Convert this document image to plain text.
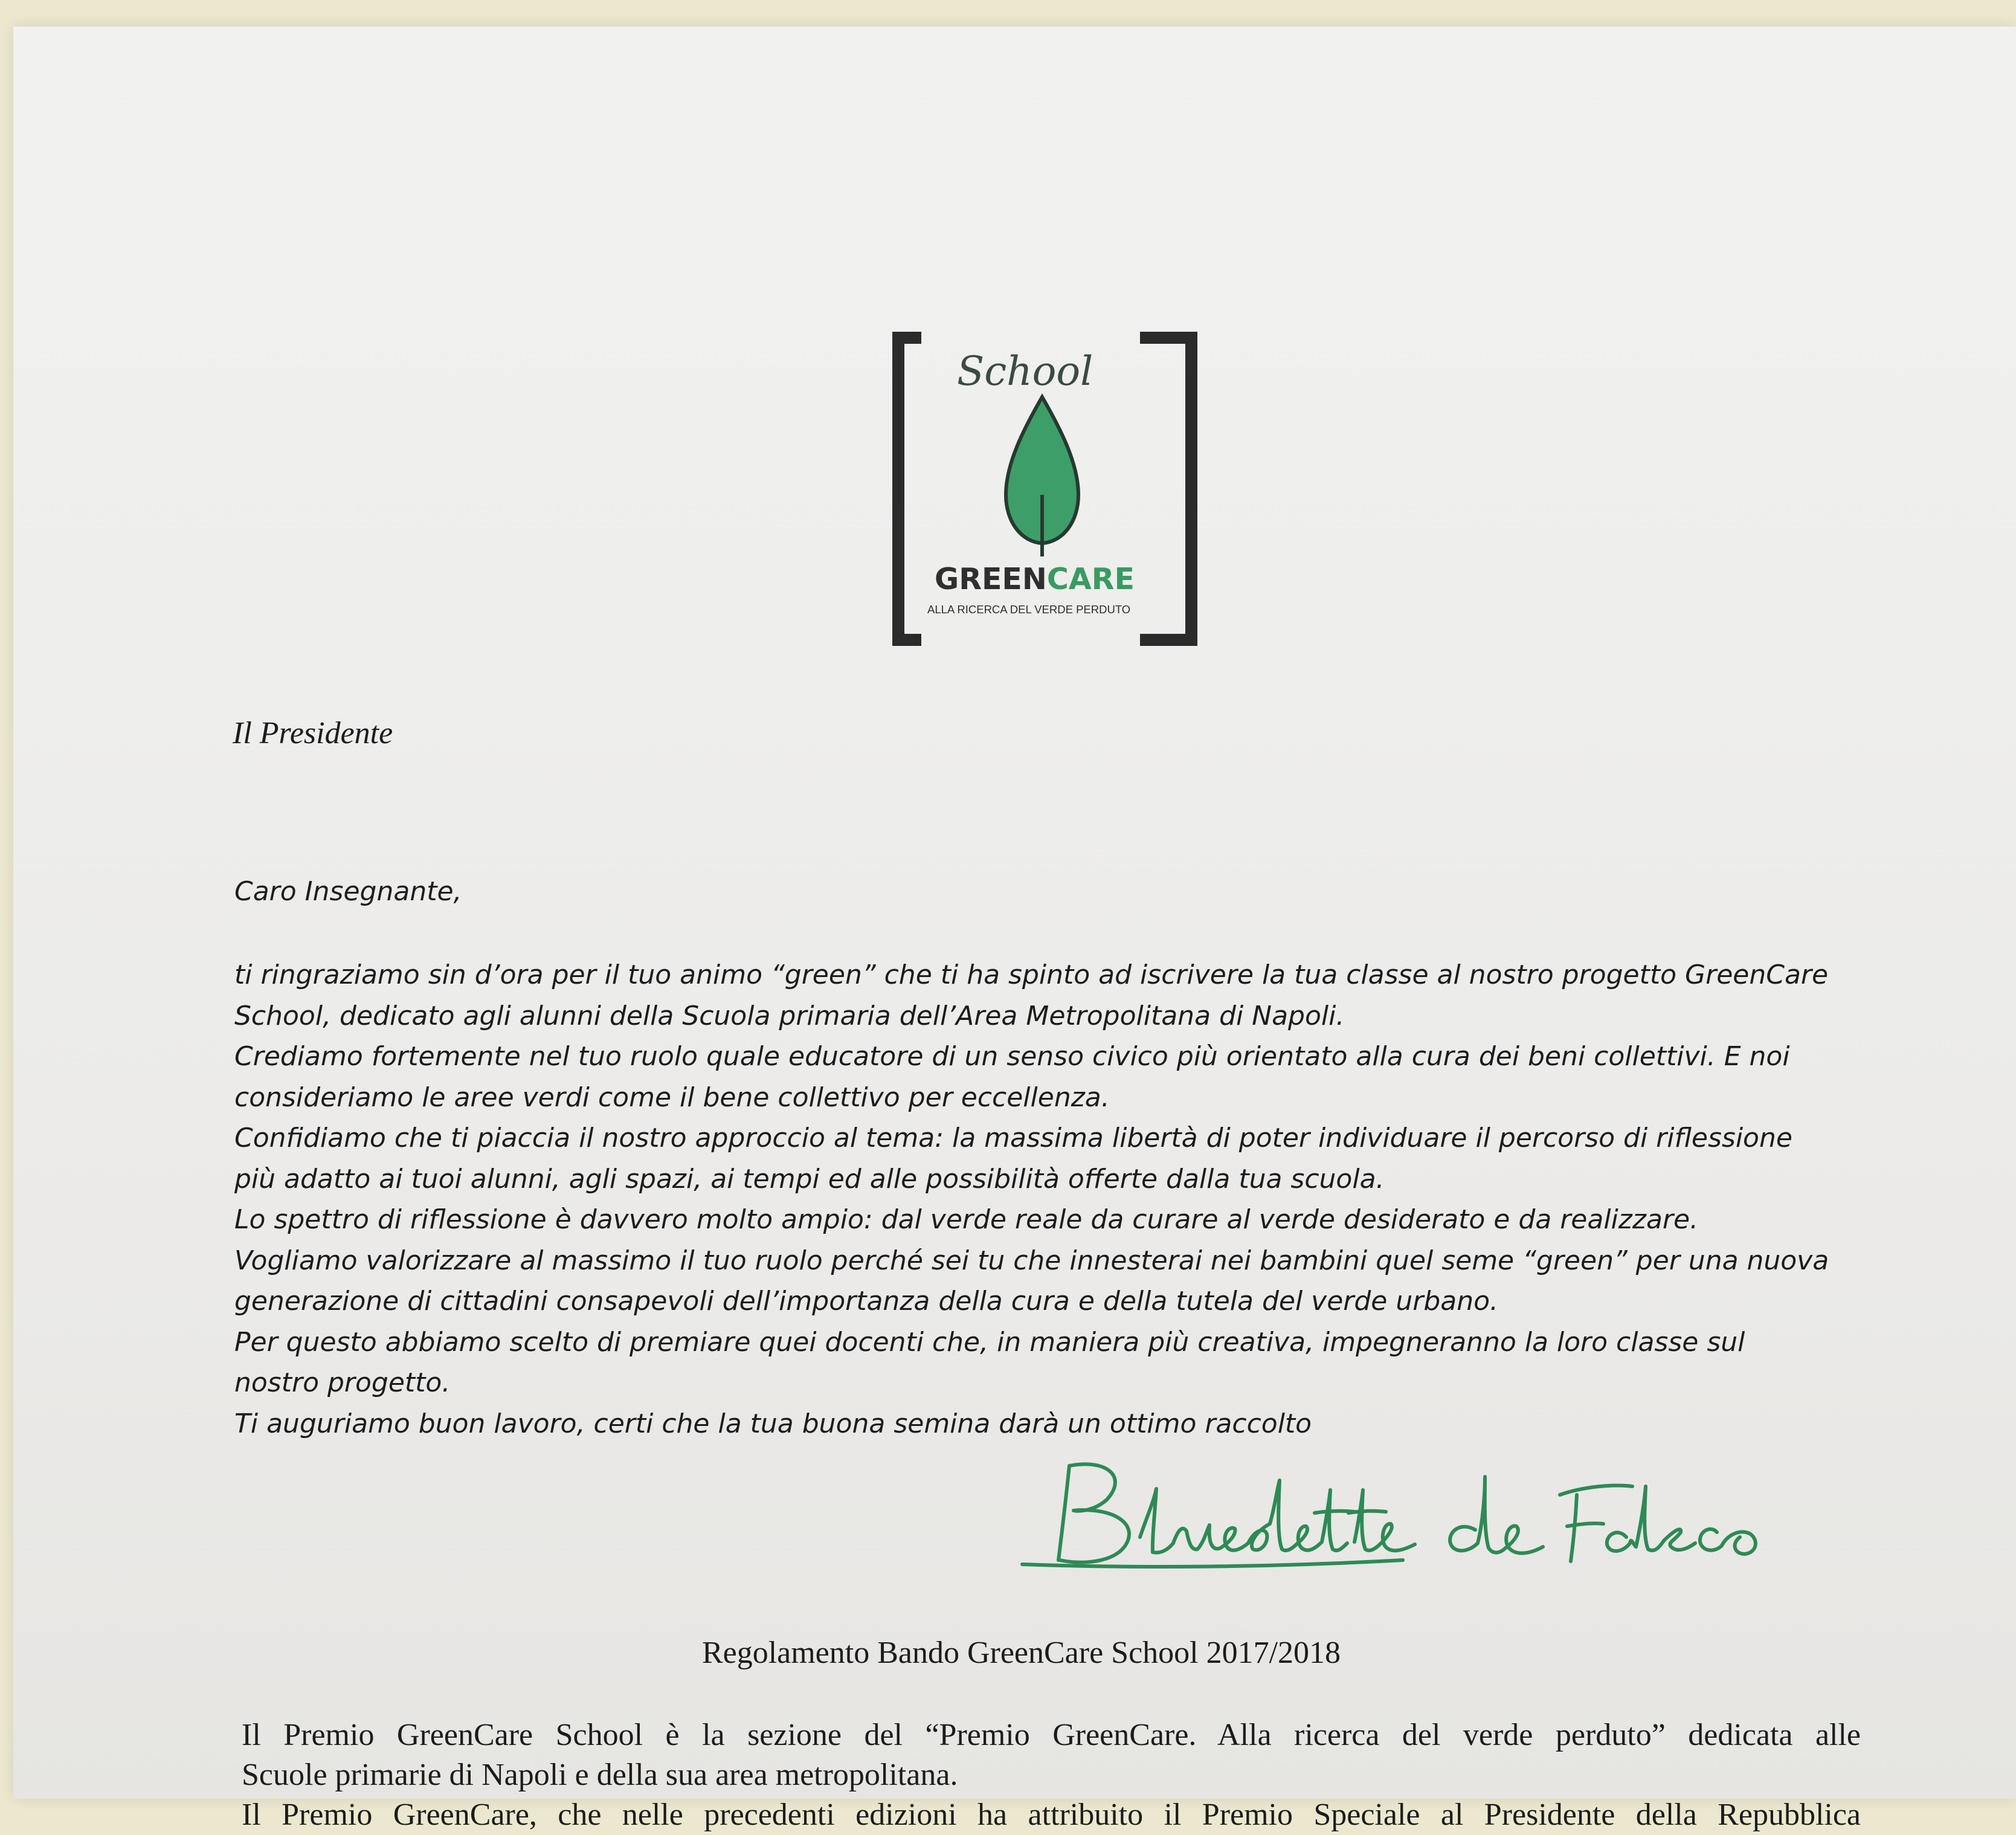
School
GREENCARE
ALLA RICERCA DEL VERDE PERDUTO
Il Presidente
Caro Insegnante,
ti ringraziamo sin d’ora per il tuo animo “green” che ti ha spinto ad iscrivere la tua classe al nostro progetto GreenCare
School, dedicato agli alunni della Scuola primaria dell’Area Metropolitana di Napoli.
Crediamo fortemente nel tuo ruolo quale educatore di un senso civico più orientato alla cura dei beni collettivi. E noi
consideriamo le aree verdi come il bene collettivo per eccellenza.
Confidiamo che ti piaccia il nostro approccio al tema: la massima libertà di poter individuare il percorso di riflessione
più adatto ai tuoi alunni, agli spazi, ai tempi ed alle possibilità offerte dalla tua scuola.
Lo spettro di riflessione è davvero molto ampio: dal verde reale da curare al verde desiderato e da realizzare.
Vogliamo valorizzare al massimo il tuo ruolo perché sei tu che innesterai nei bambini quel seme “green” per una nuova
generazione di cittadini consapevoli dell’importanza della cura e della tutela del verde urbano.
Per questo abbiamo scelto di premiare quei docenti che, in maniera più creativa, impegneranno la loro classe sul
nostro progetto.
Ti auguriamo buon lavoro, certi che la tua buona semina darà un ottimo raccolto
Regolamento Bando GreenCare School 2017/2018
Il Premio GreenCare School è la sezione del “Premio GreenCare. Alla ricerca del verde perduto” dedicata alle
Scuole primarie di Napoli e della sua area metropolitana.
Il Premio GreenCare, che nelle precedenti edizioni ha attribuito il Premio Speciale al Presidente della Repubblica
